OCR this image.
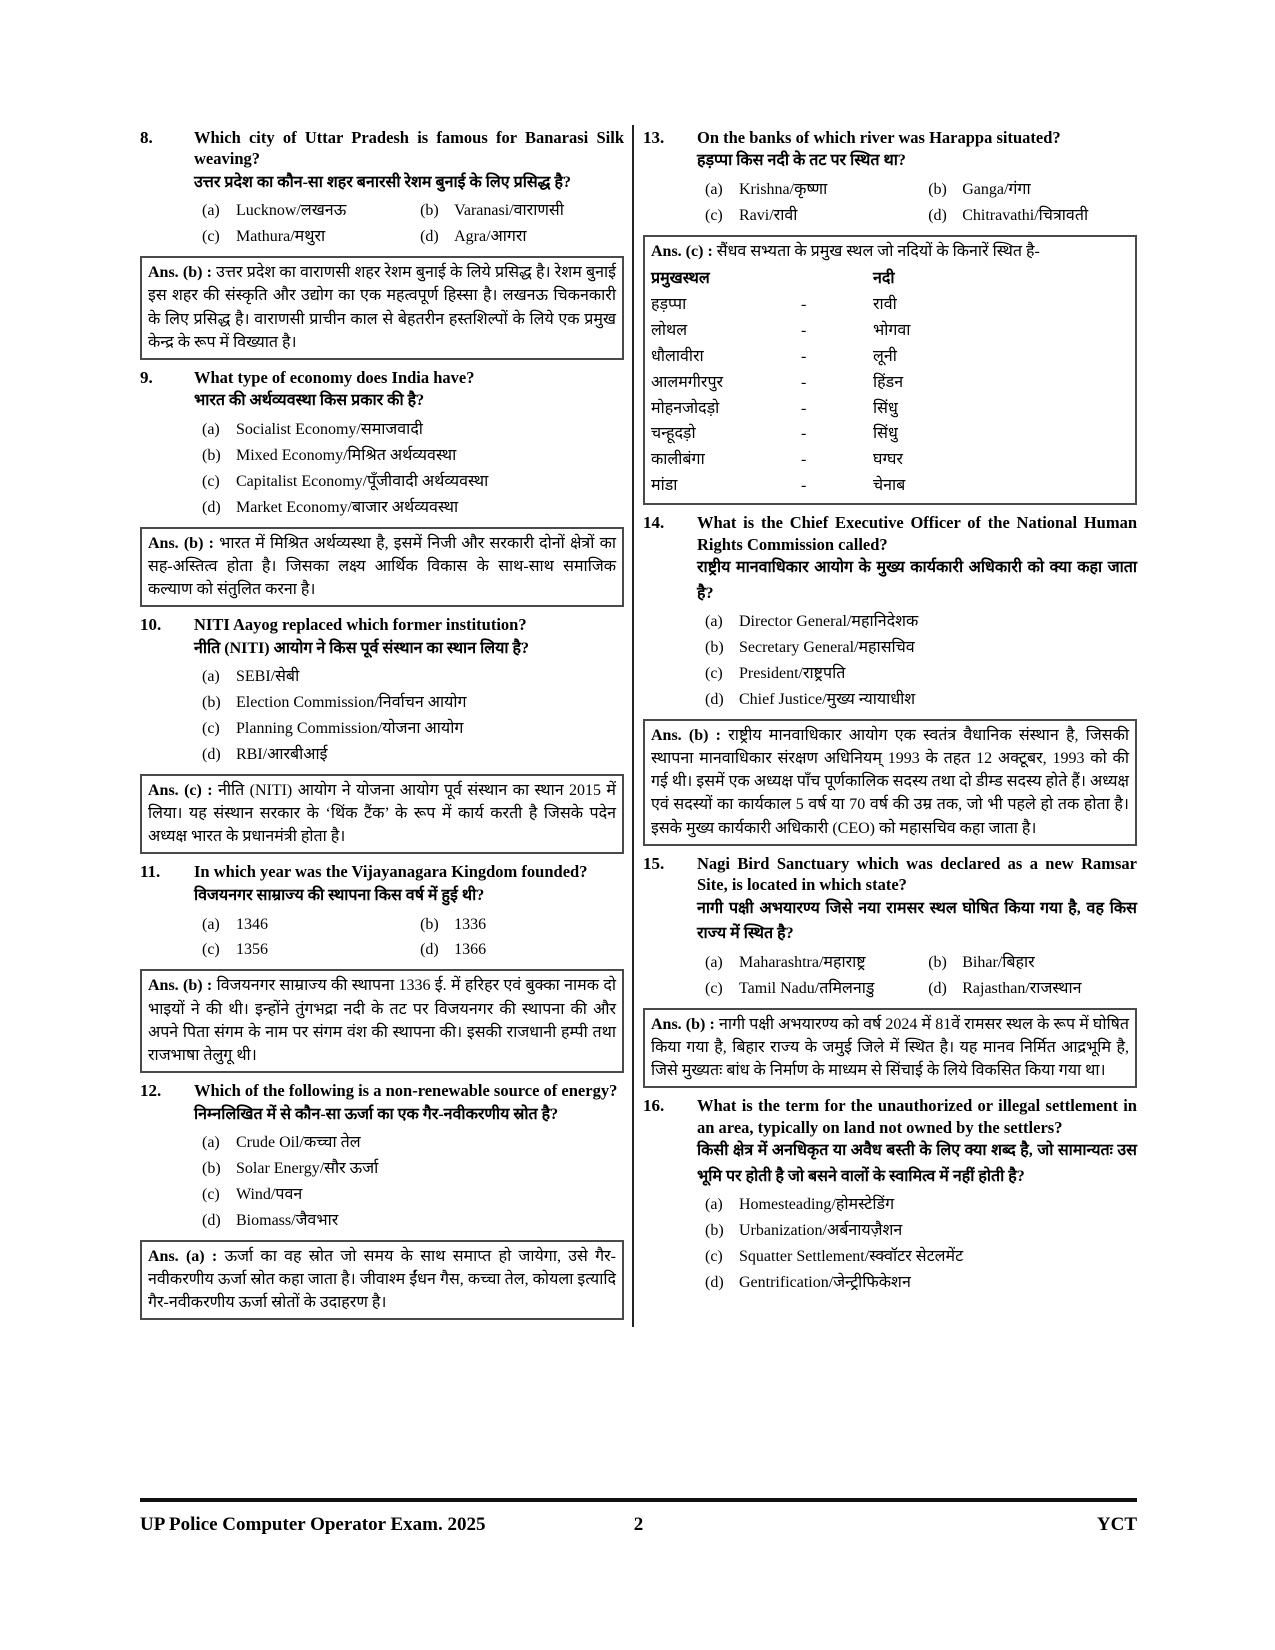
8.	Which city of Uttar Pradesh is famous for Banarasi Silk weaving?
उत्तर प्रदेश का कौन-सा शहर बनारसी रेशम बुनाई के लिए प्रसिद्ध है?
(a) Lucknow/लखनऊ	(b) Varanasi/वाराणसी
(c) Mathura/मथुरा	(d) Agra/आगरा
Ans. (b) : उत्तर प्रदेश का वाराणसी शहर रेशम बुनाई के लिये प्रसिद्ध है। रेशम बुनाई इस शहर की संस्कृति और उद्योग का एक महत्वपूर्ण हिस्सा है। लखनऊ चिकनकारी के लिए प्रसिद्ध है। वाराणसी प्राचीन काल से बेहतरीन हस्तशिल्पों के लिये एक प्रमुख केन्द्र के रूप में विख्यात है।
9.	What type of economy does India have?
भारत की अर्थव्यवस्था किस प्रकार की है?
(a) Socialist Economy/समाजवादी
(b) Mixed Economy/मिश्रित अर्थव्यवस्था
(c) Capitalist Economy/पूँजीवादी अर्थव्यवस्था
(d) Market Economy/बाजार अर्थव्यवस्था
Ans. (b) : भारत में मिश्रित अर्थव्यस्था है, इसमें निजी और सरकारी दोनों क्षेत्रों का सह-अस्तित्व होता है। जिसका लक्ष्य आर्थिक विकास के साथ-साथ समाजिक कल्याण को संतुलित करना है।
10.	NITI Aayog replaced which former institution?
नीति (NITI) आयोग ने किस पूर्व संस्थान का स्थान लिया है?
(a) SEBI/सेबी
(b) Election Commission/निर्वाचन आयोग
(c) Planning Commission/योजना आयोग
(d) RBI/आरबीआई
Ans. (c) : नीति (NITI) आयोग ने योजना आयोग पूर्व संस्थान का स्थान 2015 में लिया। यह संस्थान सरकार के ‘थिंक टैंक’ के रूप में कार्य करती है जिसके पदेन अध्यक्ष भारत के प्रधानमंत्री होता है।
11.	In which year was the Vijayanagara Kingdom founded?
विजयनगर साम्राज्य की स्थापना किस वर्ष में हुई थी?
(a) 1346	(b) 1336
(c) 1356	(d) 1366
Ans. (b) : विजयनगर साम्राज्य की स्थापना 1336 ई. में हरिहर एवं बुक्का नामक दो भाइयों ने की थी। इन्होंने तुंगभद्रा नदी के तट पर विजयनगर की स्थापना की और अपने पिता संगम के नाम पर संगम वंश की स्थापना की। इसकी राजधानी हम्पी तथा राजभाषा तेलुगू थी।
12.	Which of the following is a non-renewable source of energy?
निम्नलिखित में से कौन-सा ऊर्जा का एक गैर-नवीकरणीय स्रोत है?
(a) Crude Oil/कच्चा तेल
(b) Solar Energy/सौर ऊर्जा
(c) Wind/पवन
(d) Biomass/जैवभार
Ans. (a) : ऊर्जा का वह स्रोत जो समय के साथ समाप्त हो जायेगा, उसे गैर- नवीकरणीय ऊर्जा स्रोत कहा जाता है। जीवाश्म ईंधन गैस, कच्चा तेल, कोयला इत्यादि गैर-नवीकरणीय ऊर्जा स्रोतों के उदाहरण है।
13.	On the banks of which river was Harappa situated?
हड़प्पा किस नदी के तट पर स्थित था?
(a) Krishna/कृष्णा	(b) Ganga/गंगा
(c) Ravi/रावी	(d) Chitravathi/चित्रावती
Ans. (c) : सैंधव सभ्यता के प्रमुख स्थल जो नदियों के किनारें स्थित है-
प्रमुखस्थल	नदी
हड़प्पा	-	रावी
लोथल	-	भोगवा
धौलावीरा	-	लूनी
आलमगीरपुर	-	हिंडन
मोहनजोदड़ो	-	सिंधु
चन्हूदड़ो	-	सिंधु
कालीबंगा	-	घग्घर
मांडा	-	चेनाब
14.	What is the Chief Executive Officer of the National Human Rights Commission called?
राष्ट्रीय मानवाधिकार आयोग के मुख्य कार्यकारी अधिकारी को क्या कहा जाता है?
(a) Director General/महानिदेशक
(b) Secretary General/महासचिव
(c) President/राष्ट्रपति
(d) Chief Justice/मुख्य न्यायाधीश
Ans. (b) : राष्ट्रीय मानवाधिकार आयोग एक स्वतंत्र वैधानिक संस्थान है, जिसकी स्थापना मानवाधिकार संरक्षण अधिनियम् 1993 के तहत 12 अक्टूबर, 1993 को की गई थी। इसमें एक अध्यक्ष पाँच पूर्णकालिक सदस्य तथा दो डीम्ड सदस्य होते हैं। अध्यक्ष एवं सदस्यों का कार्यकाल 5 वर्ष या 70 वर्ष की उम्र तक, जो भी पहले हो तक होता है। इसके मुख्य कार्यकारी अधिकारी (CEO) को महासचिव कहा जाता है।
15.	Nagi Bird Sanctuary which was declared as a new Ramsar Site, is located in which state?
नागी पक्षी अभयारण्य जिसे नया रामसर स्थल घोषित किया गया है, वह किस राज्य में स्थित है?
(a) Maharashtra/महाराष्ट्र	(b) Bihar/बिहार
(c) Tamil Nadu/तमिलनाडु	(d) Rajasthan/राजस्थान
Ans. (b) : नागी पक्षी अभयारण्य को वर्ष 2024 में 81वें रामसर स्थल के रूप में घोषित किया गया है, बिहार राज्य के जमुई जिले में स्थित है। यह मानव निर्मित आद्रभूमि है, जिसे मुख्यतः बांध के निर्माण के माध्यम से सिंचाई के लिये विकसित किया गया था।
16.	What is the term for the unauthorized or illegal settlement in an area, typically on land not owned by the settlers?
किसी क्षेत्र में अनधिकृत या अवैध बस्ती के लिए क्या शब्द है, जो सामान्यतः उस भूमि पर होती है जो बसने वालों के स्वामित्व में नहीं होती है?
(a) Homesteading/होमस्टेडिंग
(b) Urbanization/अर्बनायज़ैशन
(c) Squatter Settlement/स्क्वॉटर सेटलमेंट
(d) Gentrification/जेन्ट्रीफिकेशन
UP Police Computer Operator Exam. 2025	2	YCT
